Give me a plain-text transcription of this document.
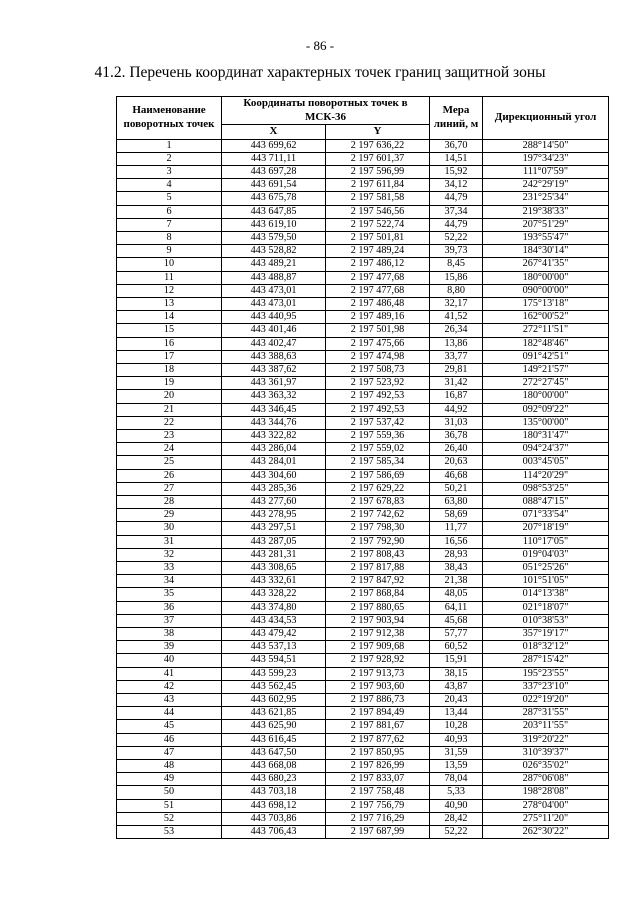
- 86 -
41.2. Перечень координат характерных точек границ защитной зоны
Наименование поворотных точек	Координаты поворотных точек в МСК-36		Мера линий, м	Дирекционный угол
	X	Y		
1	443 699,62	2 197 636,22	36,70	288°14'50"
2	443 711,11	2 197 601,37	14,51	197°34'23"
3	443 697,28	2 197 596,99	15,92	111°07'59"
4	443 691,54	2 197 611,84	34,12	242°29'19"
5	443 675,78	2 197 581,58	44,79	231°25'34"
6	443 647,85	2 197 546,56	37,34	219°38'33"
7	443 619,10	2 197 522,74	44,79	207°51'29"
8	443 579,50	2 197 501,81	52,22	193°55'47"
9	443 528,82	2 197 489,24	39,73	184°30'14"
10	443 489,21	2 197 486,12	8,45	267°41'35"
11	443 488,87	2 197 477,68	15,86	180°00'00"
12	443 473,01	2 197 477,68	8,80	090°00'00"
13	443 473,01	2 197 486,48	32,17	175°13'18"
14	443 440,95	2 197 489,16	41,52	162°00'52"
15	443 401,46	2 197 501,98	26,34	272°11'51"
16	443 402,47	2 197 475,66	13,86	182°48'46"
17	443 388,63	2 197 474,98	33,77	091°42'51"
18	443 387,62	2 197 508,73	29,81	149°21'57"
19	443 361,97	2 197 523,92	31,42	272°27'45"
20	443 363,32	2 197 492,53	16,87	180°00'00"
21	443 346,45	2 197 492,53	44,92	092°09'22"
22	443 344,76	2 197 537,42	31,03	135°00'00"
23	443 322,82	2 197 559,36	36,78	180°31'47"
24	443 286,04	2 197 559,02	26,40	094°24'37"
25	443 284,01	2 197 585,34	20,63	003°45'05"
26	443 304,60	2 197 586,69	46,68	114°20'29"
27	443 285,36	2 197 629,22	50,21	098°53'25"
28	443 277,60	2 197 678,83	63,80	088°47'15"
29	443 278,95	2 197 742,62	58,69	071°33'54"
30	443 297,51	2 197 798,30	11,77	207°18'19"
31	443 287,05	2 197 792,90	16,56	110°17'05"
32	443 281,31	2 197 808,43	28,93	019°04'03"
33	443 308,65	2 197 817,88	38,43	051°25'26"
34	443 332,61	2 197 847,92	21,38	101°51'05"
35	443 328,22	2 197 868,84	48,05	014°13'38"
36	443 374,80	2 197 880,65	64,11	021°18'07"
37	443 434,53	2 197 903,94	45,68	010°38'53"
38	443 479,42	2 197 912,38	57,77	357°19'17"
39	443 537,13	2 197 909,68	60,52	018°32'12"
40	443 594,51	2 197 928,92	15,91	287°15'42"
41	443 599,23	2 197 913,73	38,15	195°23'55"
42	443 562,45	2 197 903,60	43,87	337°23'10"
43	443 602,95	2 197 886,73	20,43	022°19'20"
44	443 621,85	2 197 894,49	13,44	287°31'55"
45	443 625,90	2 197 881,67	10,28	203°11'55"
46	443 616,45	2 197 877,62	40,93	319°20'22"
47	443 647,50	2 197 850,95	31,59	310°39'37"
48	443 668,08	2 197 826,99	13,59	026°35'02"
49	443 680,23	2 197 833,07	78,04	287°06'08"
50	443 703,18	2 197 758,48	5,33	198°28'08"
51	443 698,12	2 197 756,79	40,90	278°04'00"
52	443 703,86	2 197 716,29	28,42	275°11'20"
53	443 706,43	2 197 687,99	52,22	262°30'22"
